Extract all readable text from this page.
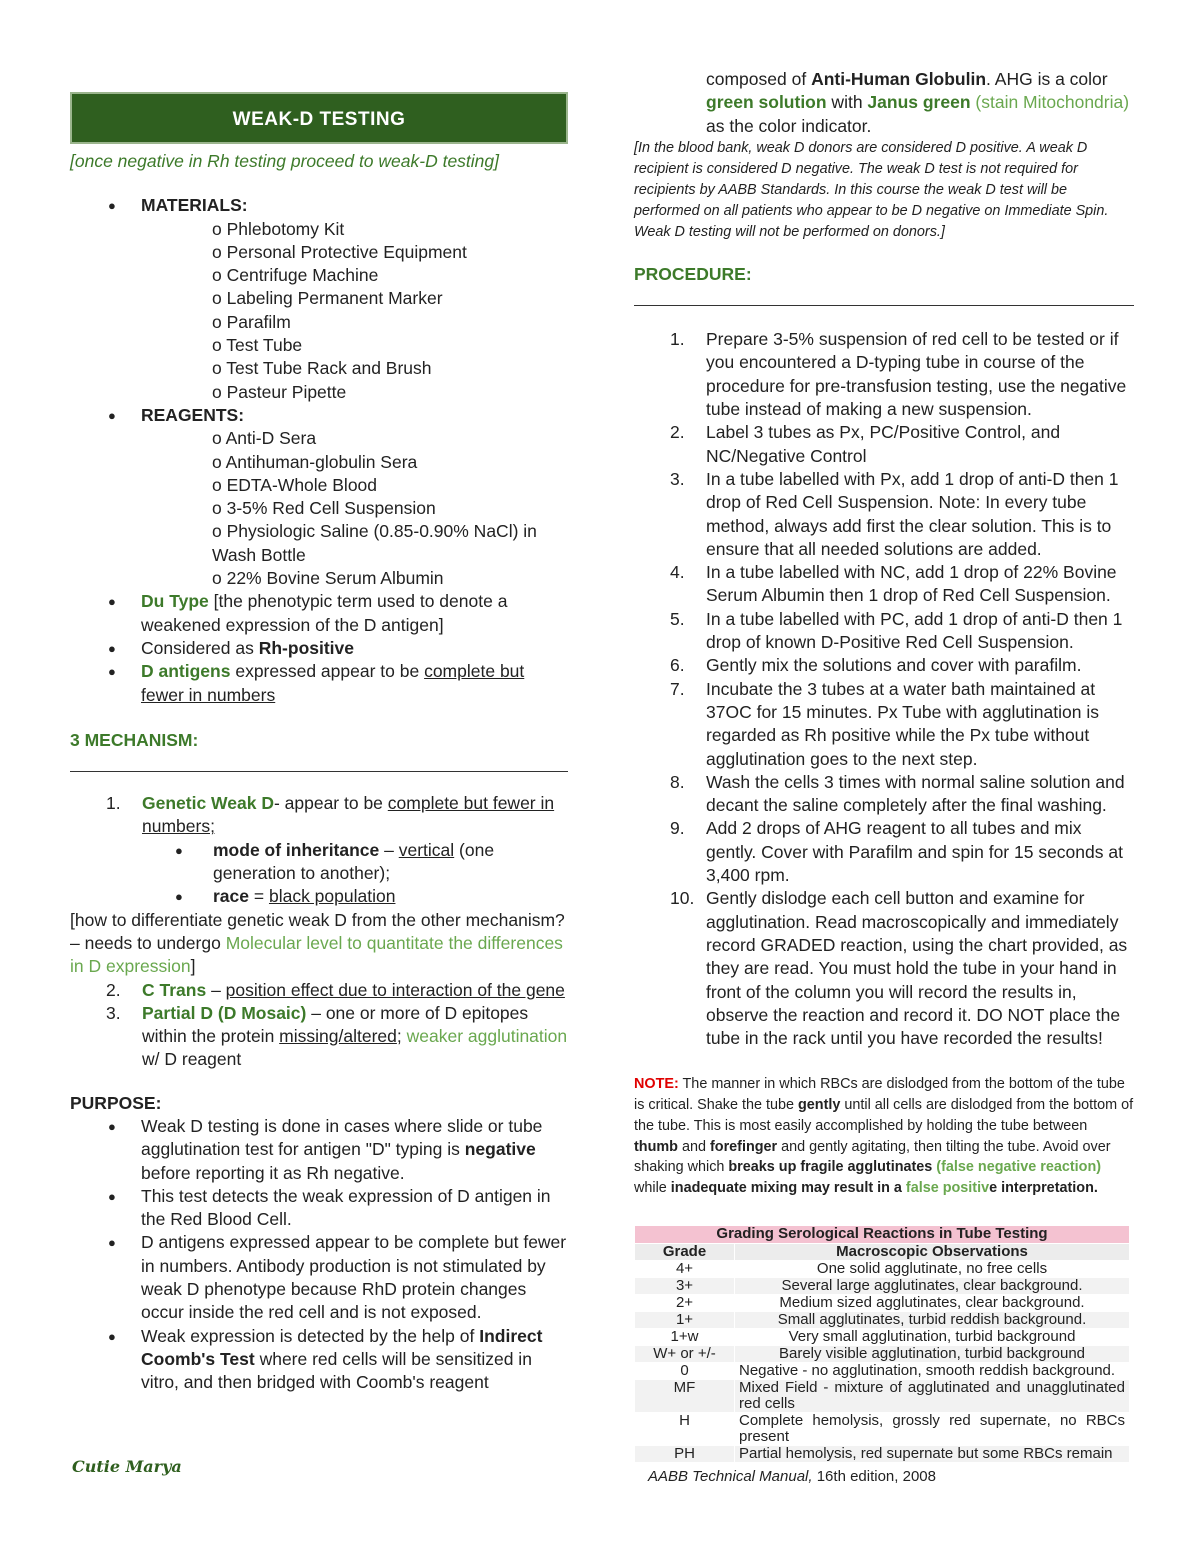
WEAK-D TESTING
[once negative in Rh testing proceed to weak-D testing]
● MATERIALS:
o Phlebotomy Kit
o Personal Protective Equipment
o Centrifuge Machine
o Labeling Permanent Marker
o Parafilm
o Test Tube
o Test Tube Rack and Brush
o Pasteur Pipette
● REAGENTS:
o Anti-D Sera
o Antihuman-globulin Sera
o EDTA-Whole Blood
o 3-5% Red Cell Suspension
o Physiologic Saline (0.85-0.90% NaCl) in Wash Bottle
o 22% Bovine Serum Albumin
● Du Type [the phenotypic term used to denote a weakened expression of the D antigen]
● Considered as Rh-positive
● D antigens expressed appear to be complete but fewer in numbers
3 MECHANISM:
1. Genetic Weak D- appear to be complete but fewer in numbers;
● mode of inheritance – vertical (one generation to another);
● race = black population
[how to differentiate genetic weak D from the other mechanism? – needs to undergo Molecular level to quantitate the differences in D expression]
2. C Trans – position effect due to interaction of the gene
3. Partial D (D Mosaic) – one or more of D epitopes within the protein missing/altered; weaker agglutination w/ D reagent
PURPOSE:
● Weak D testing is done in cases where slide or tube agglutination test for antigen "D" typing is negative before reporting it as Rh negative.
● This test detects the weak expression of D antigen in the Red Blood Cell.
● D antigens expressed appear to be complete but fewer in numbers. Antibody production is not stimulated by weak D phenotype because RhD protein changes occur inside the red cell and is not exposed.
● Weak expression is detected by the help of Indirect Coomb's Test where red cells will be sensitized in vitro, and then bridged with Coomb's reagent
Cutie Marya
composed of Anti-Human Globulin. AHG is a color green solution with Janus green (stain Mitochondria) as the color indicator.
[In the blood bank, weak D donors are considered D positive. A weak D recipient is considered D negative. The weak D test is not required for recipients by AABB Standards. In this course the weak D test will be performed on all patients who appear to be D negative on Immediate Spin. Weak D testing will not be performed on donors.]
PROCEDURE:
1. Prepare 3-5% suspension of red cell to be tested or if you encountered a D-typing tube in course of the procedure for pre-transfusion testing, use the negative tube instead of making a new suspension.
2. Label 3 tubes as Px, PC/Positive Control, and NC/Negative Control
3. In a tube labelled with Px, add 1 drop of anti-D then 1 drop of Red Cell Suspension. Note: In every tube method, always add first the clear solution. This is to ensure that all needed solutions are added.
4. In a tube labelled with NC, add 1 drop of 22% Bovine Serum Albumin then 1 drop of Red Cell Suspension.
5. In a tube labelled with PC, add 1 drop of anti-D then 1 drop of known D-Positive Red Cell Suspension.
6. Gently mix the solutions and cover with parafilm.
7. Incubate the 3 tubes at a water bath maintained at 37OC for 15 minutes. Px Tube with agglutination is regarded as Rh positive while the Px tube without agglutination goes to the next step.
8. Wash the cells 3 times with normal saline solution and decant the saline completely after the final washing.
9. Add 2 drops of AHG reagent to all tubes and mix gently. Cover with Parafilm and spin for 15 seconds at 3,400 rpm.
10. Gently dislodge each cell button and examine for agglutination. Read macroscopically and immediately record GRADED reaction, using the chart provided, as they are read. You must hold the tube in your hand in front of the column you will record the results in, observe the reaction and record it. DO NOT place the tube in the rack until you have recorded the results!
NOTE: The manner in which RBCs are dislodged from the bottom of the tube is critical. Shake the tube gently until all cells are dislodged from the bottom of the tube. This is most easily accomplished by holding the tube between thumb and forefinger and gently agitating, then tilting the tube. Avoid over shaking which breaks up fragile agglutinates (false negative reaction) while inadequate mixing may result in a false positive interpretation.
Grading Serological Reactions in Tube Testing	
Grade	Macroscopic Observations
4+	One solid agglutinate, no free cells
3+	Several large agglutinates, clear background.
2+	Medium sized agglutinates, clear background.
1+	Small agglutinates, turbid reddish background.
1+w	Very small agglutination, turbid background
W+ or +/-	Barely visible agglutination, turbid background
0	Negative - no agglutination, smooth reddish background.
MF	Mixed Field - mixture of agglutinated and unagglutinated red cells
H	Complete hemolysis, grossly red supernate, no RBCs present
PH	Partial hemolysis, red supernate but some RBCs remain
AABB Technical Manual, 16th edition, 2008
